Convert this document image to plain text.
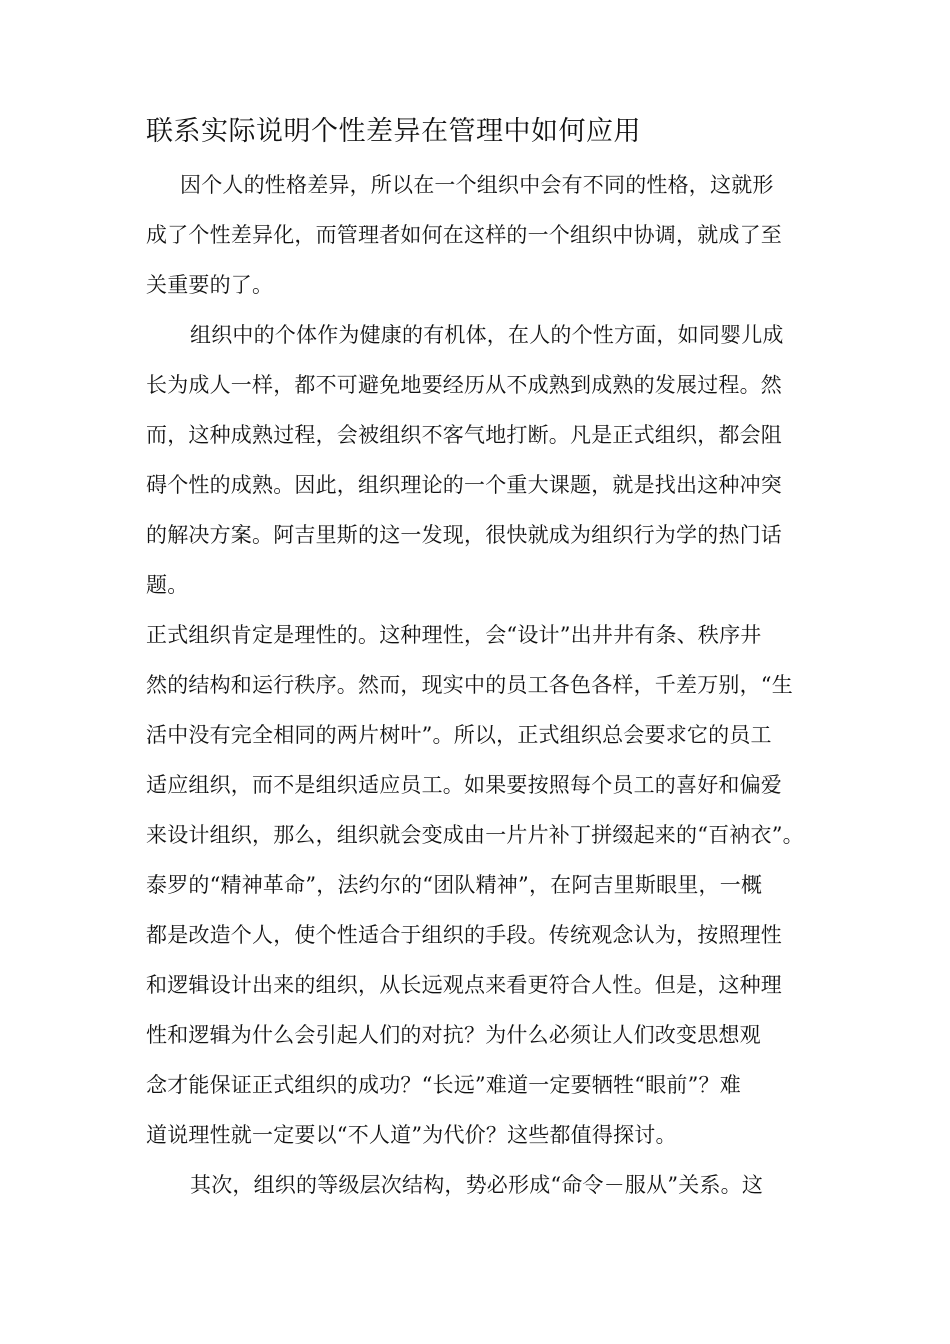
联系实际说明个性差异在管理中如何应用
因个人的性格差异，所以在一个组织中会有不同的性格，这就形
成了个性差异化，而管理者如何在这样的一个组织中协调，就成了至
关重要的了。
组织中的个体作为健康的有机体，在人的个性方面，如同婴儿成
长为成人一样，都不可避免地要经历从不成熟到成熟的发展过程。然
而，这种成熟过程，会被组织不客气地打断。凡是正式组织，都会阻
碍个性的成熟。因此，组织理论的一个重大课题，就是找出这种冲突
的解决方案。阿吉里斯的这一发现，很快就成为组织行为学的热门话
题。
正式组织肯定是理性的。这种理性，会“设计”出井井有条、秩序井
然的结构和运行秩序。然而，现实中的员工各色各样，千差万别，“生
活中没有完全相同的两片树叶”。所以，正式组织总会要求它的员工
适应组织，而不是组织适应员工。如果要按照每个员工的喜好和偏爱
来设计组织，那么，组织就会变成由一片片补丁拼缀起来的“百衲衣”。
泰罗的“精神革命”，法约尔的“团队精神”，在阿吉里斯眼里，一概
都是改造个人，使个性适合于组织的手段。传统观念认为，按照理性
和逻辑设计出来的组织，从长远观点来看更符合人性。但是，这种理
性和逻辑为什么会引起人们的对抗？为什么必须让人们改变思想观
念才能保证正式组织的成功？“长远”难道一定要牺牲“眼前”？难
道说理性就一定要以“不人道”为代价？这些都值得探讨。
其次，组织的等级层次结构，势必形成“命令－服从”关系。这
